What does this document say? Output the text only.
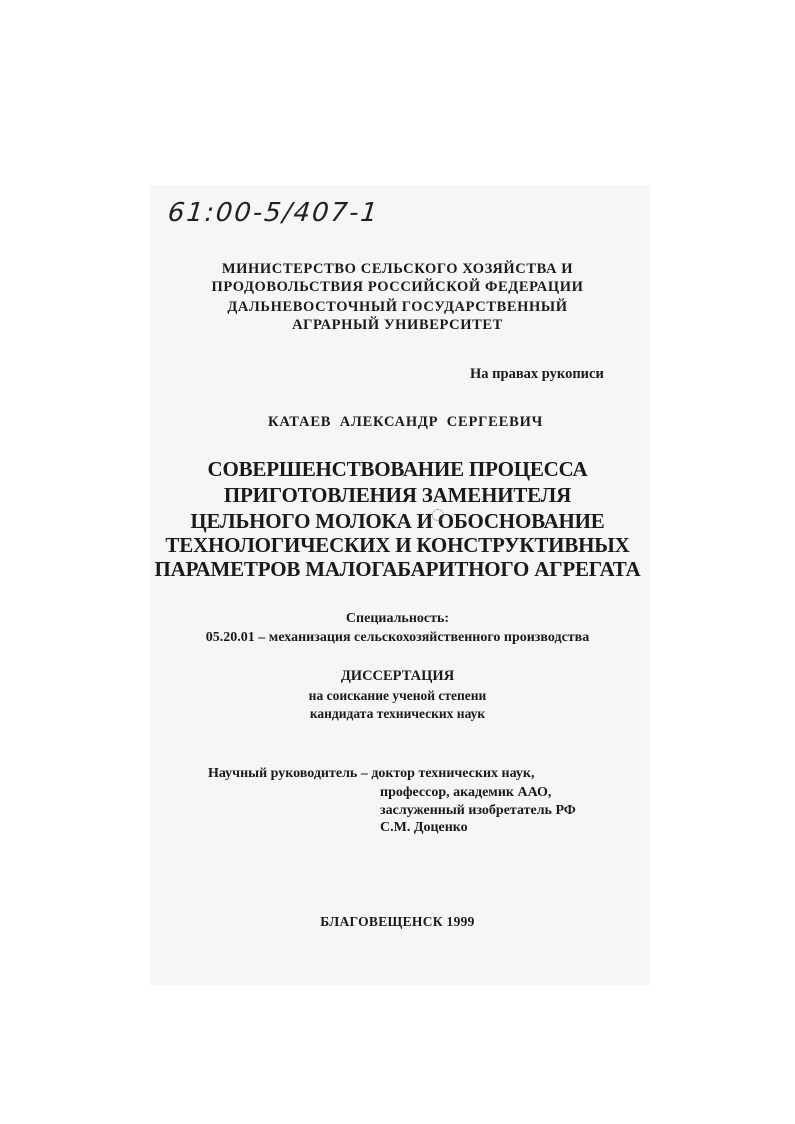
61:00-5/407-1
МИНИСТЕРСТВО СЕЛЬСКОГО ХОЗЯЙСТВА И
ПРОДОВОЛЬСТВИЯ РОССИЙСКОЙ ФЕДЕРАЦИИ
ДАЛЬНЕВОСТОЧНЫЙ ГОСУДАРСТВЕННЫЙ
АГРАРНЫЙ УНИВЕРСИТЕТ
На правах рукописи
КАТАЕВ АЛЕКСАНДР СЕРГЕЕВИЧ
СОВЕРШЕНСТВОВАНИЕ ПРОЦЕССА
ПРИГОТОВЛЕНИЯ ЗАМЕНИТЕЛЯ
ЦЕЛЬНОГО МОЛОКА И ОБОСНОВАНИЕ
ТЕХНОЛОГИЧЕСКИХ И КОНСТРУКТИВНЫХ
ПАРАМЕТРОВ МАЛОГАБАРИТНОГО АГРЕГАТА
Специальность:
05.20.01 – механизация сельскохозяйственного производства
ДИССЕРТАЦИЯ
на соискание ученой степени
кандидата технических наук
Научный руководитель – доктор технических наук,
профессор, академик ААО,
заслуженный изобретатель РФ
С.М. Доценко
БЛАГОВЕЩЕНСК 1999
